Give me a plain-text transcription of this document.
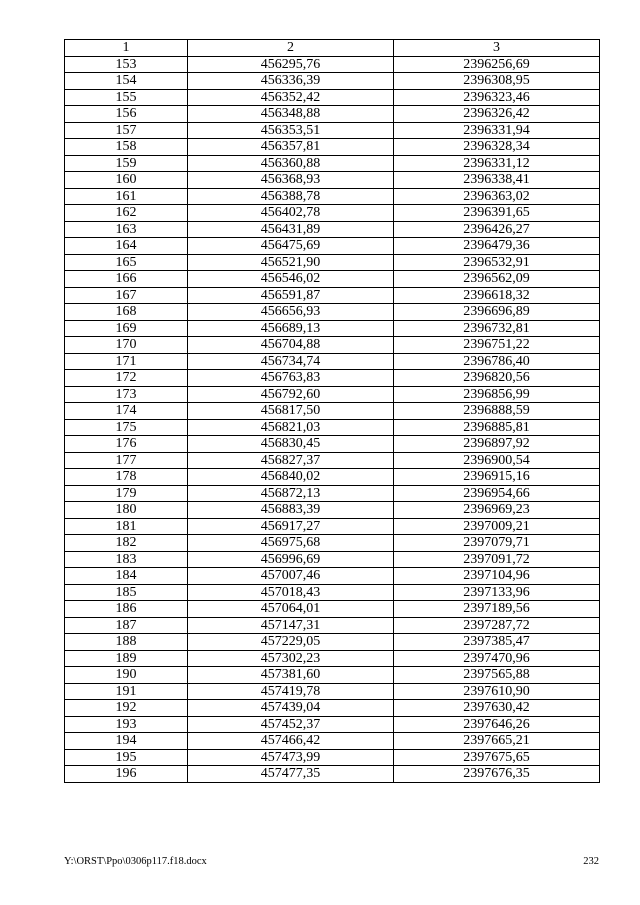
1	2	3
153	456295,76	2396256,69
154	456336,39	2396308,95
155	456352,42	2396323,46
156	456348,88	2396326,42
157	456353,51	2396331,94
158	456357,81	2396328,34
159	456360,88	2396331,12
160	456368,93	2396338,41
161	456388,78	2396363,02
162	456402,78	2396391,65
163	456431,89	2396426,27
164	456475,69	2396479,36
165	456521,90	2396532,91
166	456546,02	2396562,09
167	456591,87	2396618,32
168	456656,93	2396696,89
169	456689,13	2396732,81
170	456704,88	2396751,22
171	456734,74	2396786,40
172	456763,83	2396820,56
173	456792,60	2396856,99
174	456817,50	2396888,59
175	456821,03	2396885,81
176	456830,45	2396897,92
177	456827,37	2396900,54
178	456840,02	2396915,16
179	456872,13	2396954,66
180	456883,39	2396969,23
181	456917,27	2397009,21
182	456975,68	2397079,71
183	456996,69	2397091,72
184	457007,46	2397104,96
185	457018,43	2397133,96
186	457064,01	2397189,56
187	457147,31	2397287,72
188	457229,05	2397385,47
189	457302,23	2397470,96
190	457381,60	2397565,88
191	457419,78	2397610,90
192	457439,04	2397630,42
193	457452,37	2397646,26
194	457466,42	2397665,21
195	457473,99	2397675,65
196	457477,35	2397676,35
Y:\ORST\Ppo\0306p117.f18.docx	232
